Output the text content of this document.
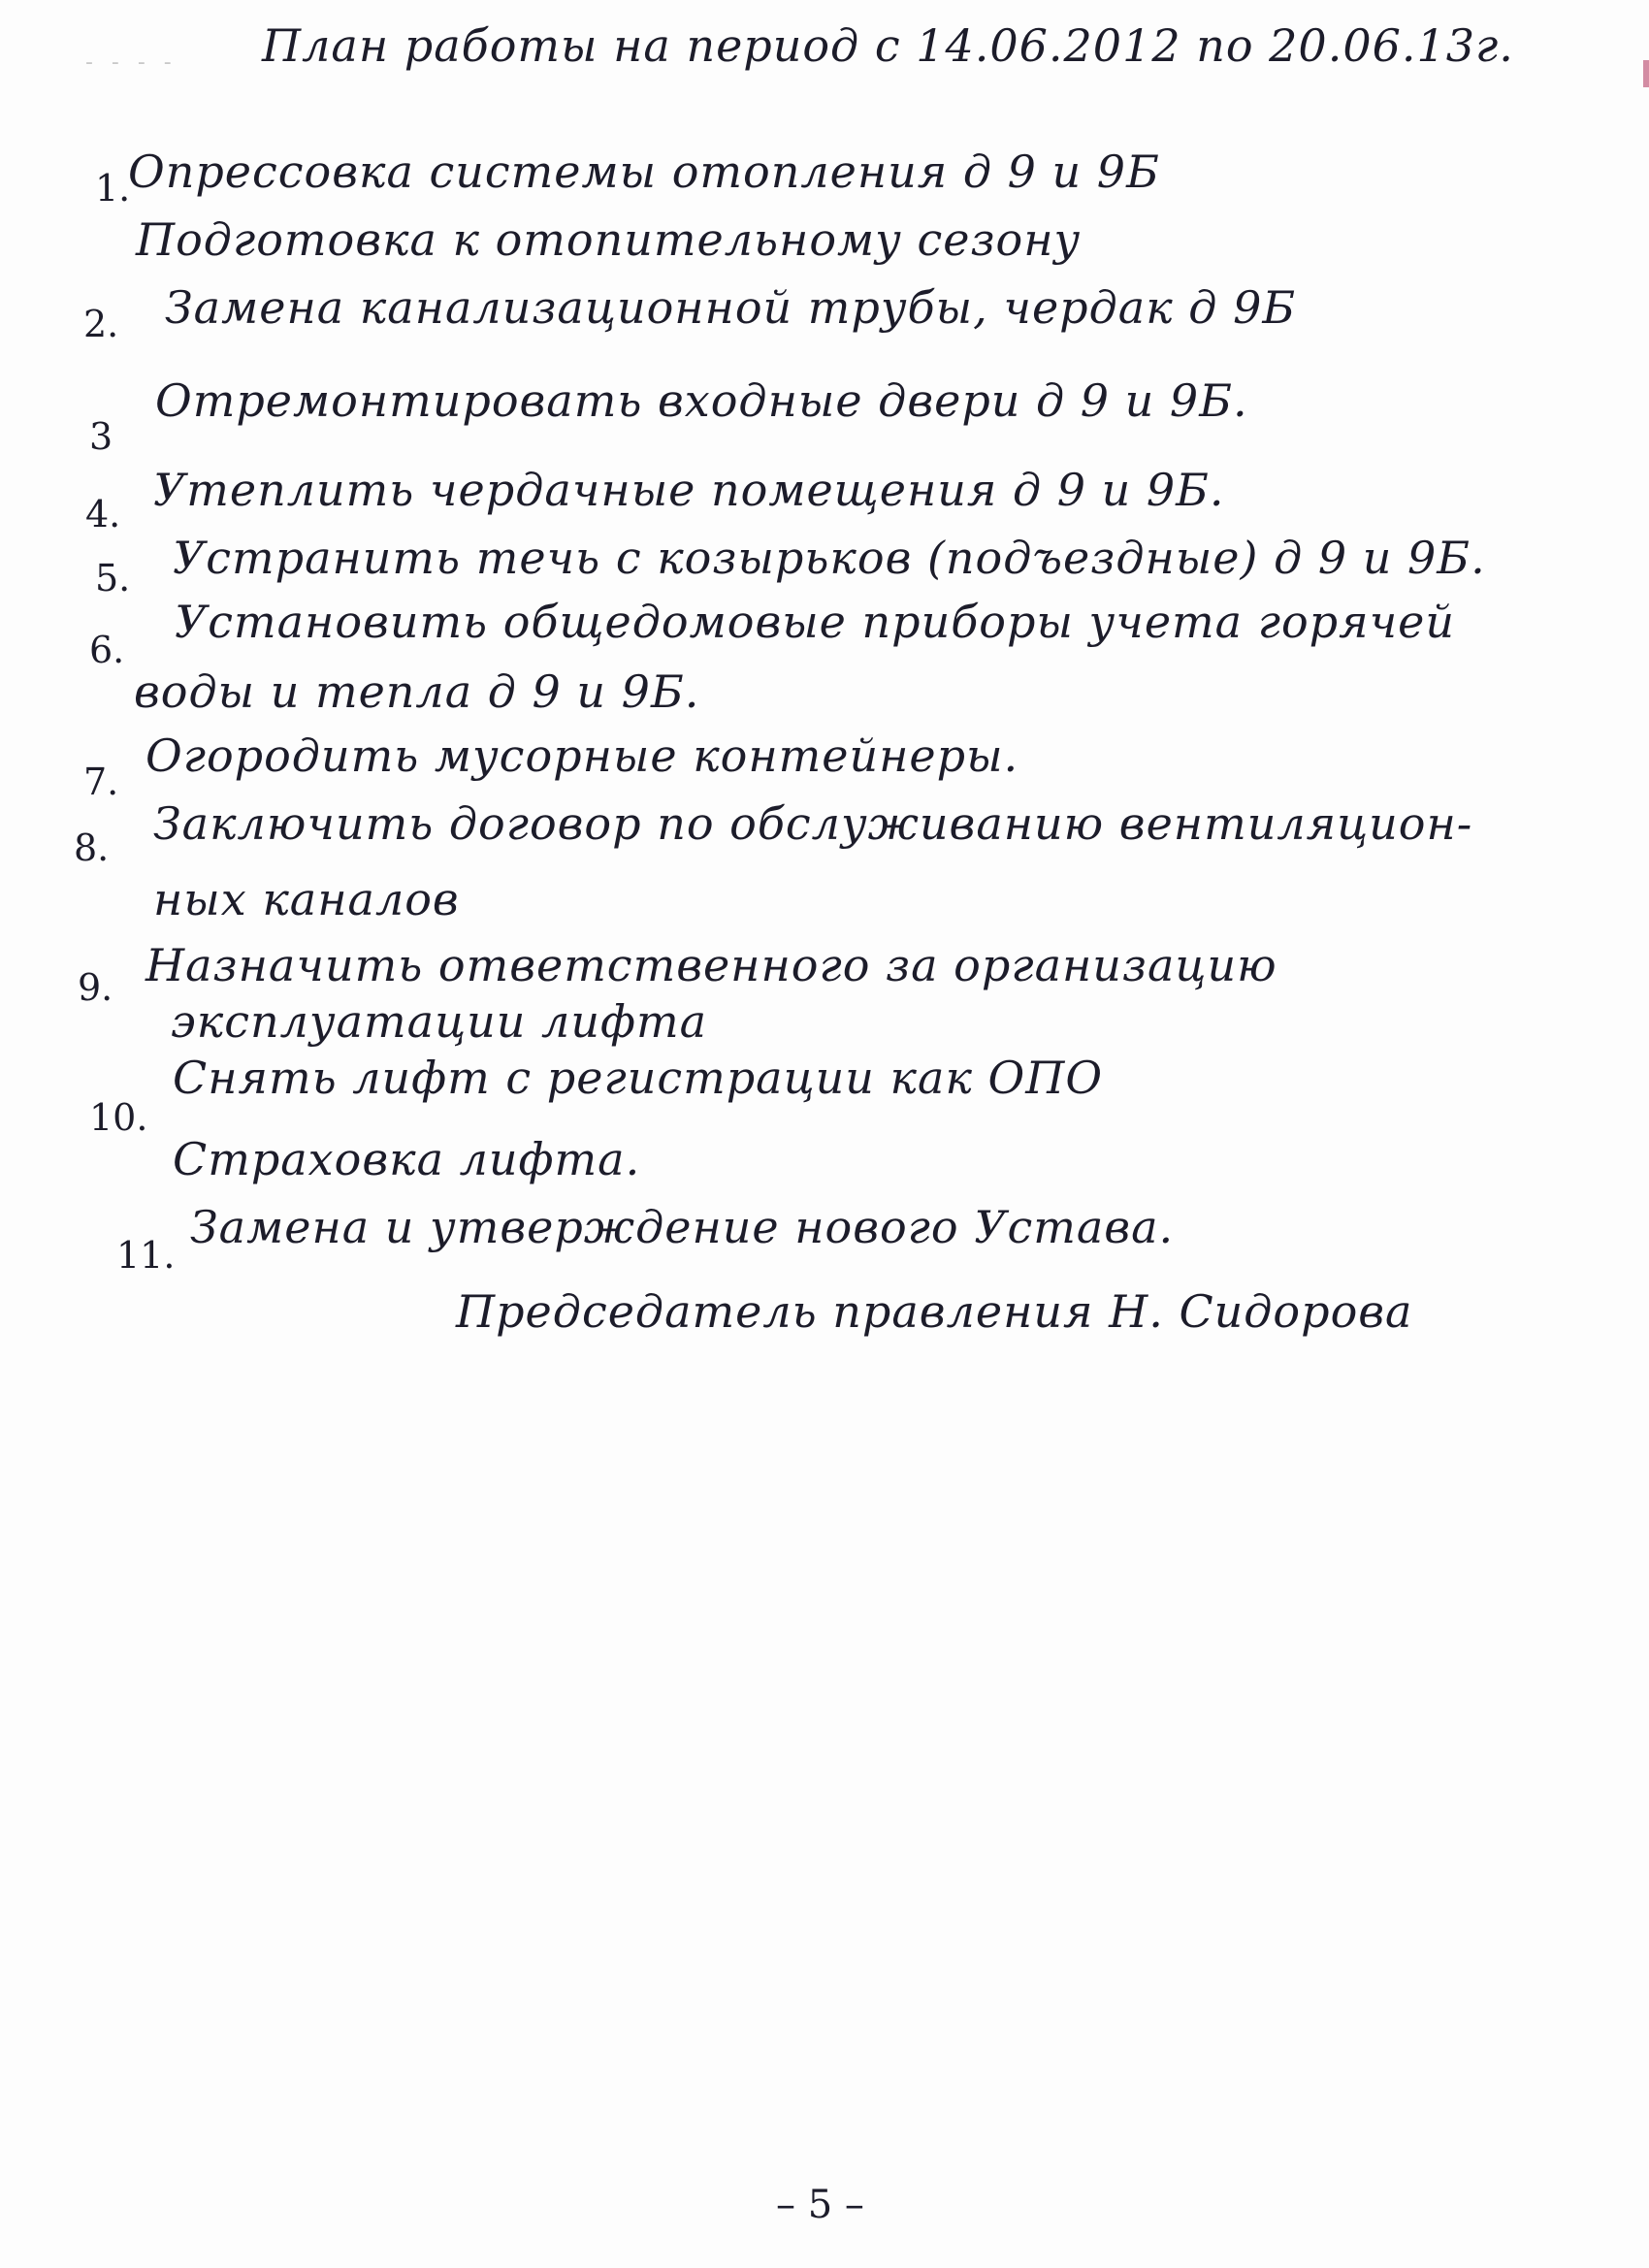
- - - - План работы на период с 14.06.2012 по 20.06.13г.
1.
Опрессовка системы отопления д 9 и 9Б
Подготовка к отопительному сезону
2. Замена канализационной трубы, чердак д 9Б
3
Отремонтировать входные двери д 9 и 9Б.
4. Утеплить чердачные помещения д 9 и 9Б.
5. Устранить течь с козырьков (подъездные) д 9 и 9Б.
6.
Установить общедомовые приборы учета горячей
воды и тепла д 9 и 9Б.
7. Огородить мусорные контейнеры.
8. Заключить договор по обслуживанию вентиляцион-
ных каналов
9. Назначить ответственного за организацию
эксплуатации лифта
10.
Снять лифт с регистрации как ОПО
Страховка лифта.
11.
Замена и утверждение нового Устава.
Председатель правления Н. Сидорова
– 5 –
